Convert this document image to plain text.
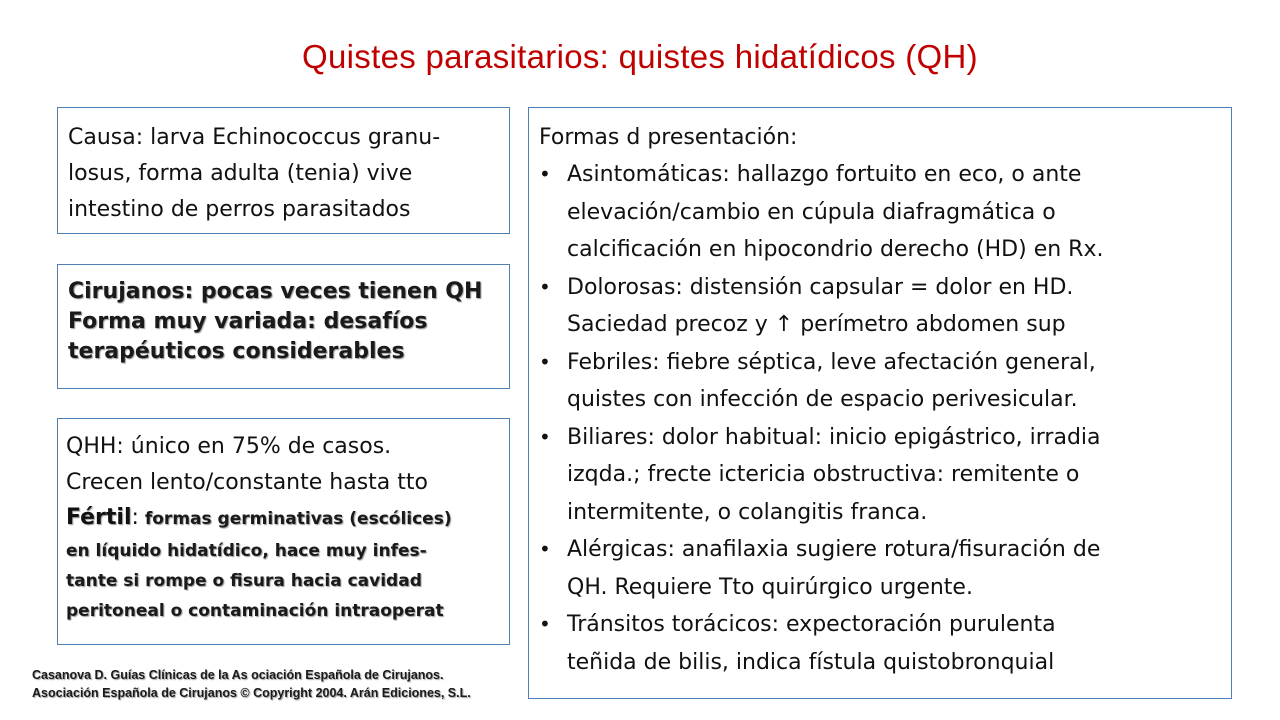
Quistes parasitarios: quistes hidatídicos (QH)
Causa: larva Echinococcus granu-
losus, forma adulta (tenia) vive
intestino de perros parasitados
Cirujanos: pocas veces tienen QH
Forma muy variada: desafíos
terapéuticos considerables
QHH: único en 75% de casos.
Crecen lento/constante hasta tto
Fértil: formas germinativas (escólices)
en líquido hidatídico, hace muy infes-
tante si rompe o fisura hacia cavidad
peritoneal o contaminación intraoperat
Formas d presentación:
• Asintomáticas: hallazgo fortuito en eco, o ante
elevación/cambio en cúpula diafragmática o
calcificación en hipocondrio derecho (HD) en Rx.
• Dolorosas: distensión capsular = dolor en HD.
Saciedad precoz y ↑ perímetro abdomen sup
• Febriles: fiebre séptica, leve afectación general,
quistes con infección de espacio perivesicular.
• Biliares: dolor habitual: inicio epigástrico, irradia
izqda.; frecte ictericia obstructiva: remitente o
intermitente, o colangitis franca.
• Alérgicas: anafilaxia sugiere rotura/fisuración de
QH. Requiere Tto quirúrgico urgente.
• Tránsitos torácicos: expectoración purulenta
teñida de bilis, indica fístula quistobronquial
Casanova D. Guías Clínicas de la As ociación Española de Cirujanos.
Asociación Española de Cirujanos © Copyright 2004. Arán Ediciones, S.L.
